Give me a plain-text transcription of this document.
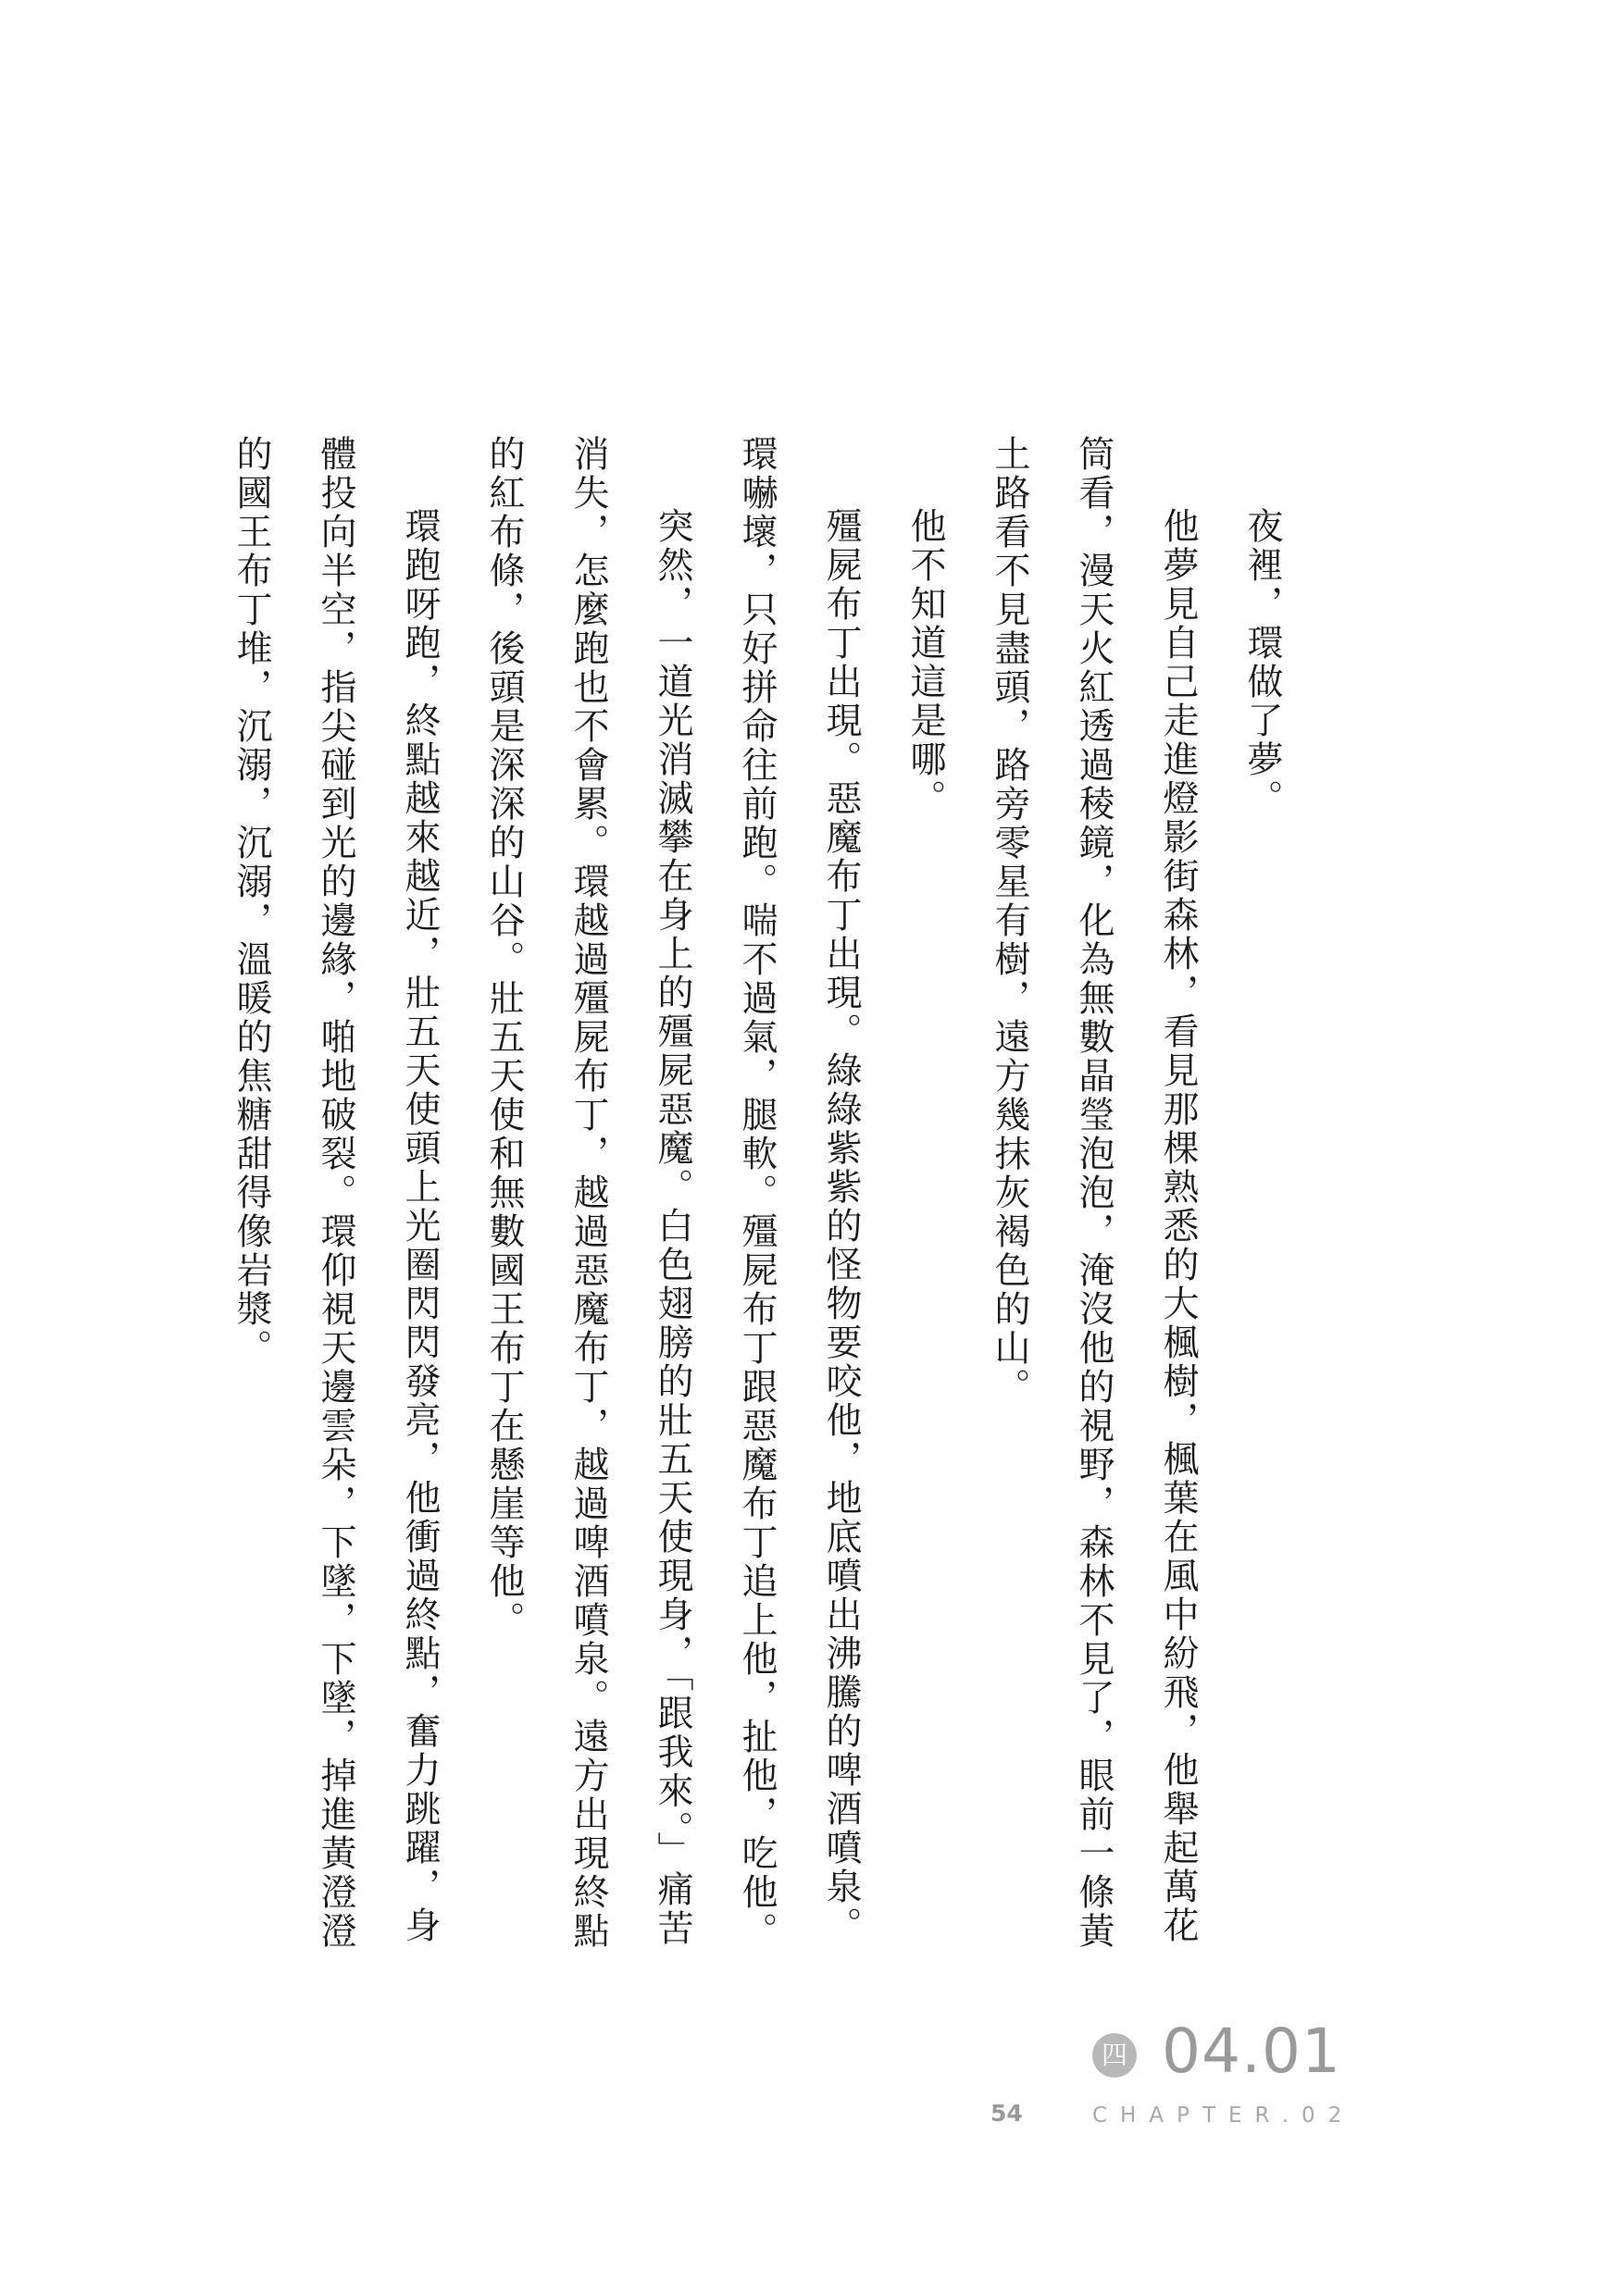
夜裡，環做了夢。

他夢見自己走進燈影街森林，看見那棵熟悉的大楓樹，楓葉在風中紛飛，他舉起萬花筒看，漫天火紅透過稜鏡，化為無數晶瑩泡泡，淹沒他的視野，森林不見了，眼前一條黃土路看不見盡頭，路旁零星有樹，遠方幾抹灰褐色的山。

他不知道這是哪。

殭屍布丁出現。惡魔布丁出現。綠綠紫紫的怪物要咬他，地底噴出沸騰的啤酒噴泉。環嚇壞，只好拼命往前跑。喘不過氣，腿軟。殭屍布丁跟惡魔布丁追上他，扯他，吃他。

突然，一道光消滅攀在身上的殭屍惡魔。白色翅膀的壯五天使現身，「跟我來。」痛苦消失，怎麼跑也不會累。環越過殭屍布丁，越過惡魔布丁，越過啤酒噴泉。遠方出現終點的紅布條，後頭是深深的山谷。壯五天使和無數國王布丁在懸崖等他。

環跑呀跑，終點越來越近，壯五天使頭上光圈閃閃發亮，他衝過終點，奮力跳躍，身體投向半空，指尖碰到光的邊緣，啪地破裂。環仰視天邊雲朵，下墜，下墜，掉進黃澄澄的國王布丁堆，沉溺，沉溺，溫暖的焦糖甜得像岩漿。

四 04.01
CHAPTER.02
54
